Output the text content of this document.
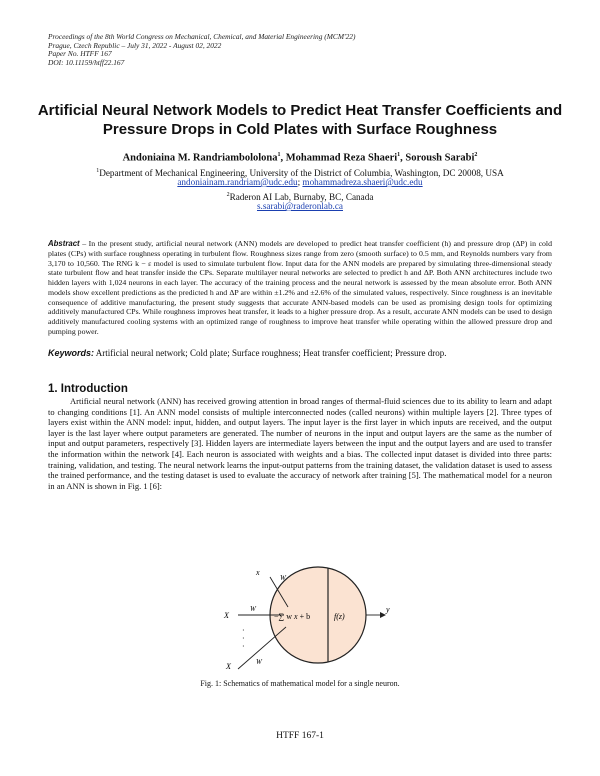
Proceedings of the 8th World Congress on Mechanical, Chemical, and Material Engineering (MCM'22)
Prague, Czech Republic – July 31, 2022 - August 02, 2022
Paper No. HTFF 167
DOI: 10.11159/htff22.167
Artificial Neural Network Models to Predict Heat Transfer Coefficients and Pressure Drops in Cold Plates with Surface Roughness
Andoniaina M. Randriambololona$^1$, Mohammad Reza Shaeri$^1$, Soroush Sarabi$^2$
$^1$Department of Mechanical Engineering, University of the District of Columbia, Washington, DC 20008, USA
andoniainam.randriam@udc.edu; mohammadreza.shaeri@udc.edu
$^2$Raderon AI Lab, Burnaby, BC, Canada
s.sarabi@raderonlab.ca
Abstract – In the present study, artificial neural network (ANN) models are developed to predict heat transfer coefficient (h) and pressure drop (ΔP) in cold plates (CPs) with surface roughness operating in turbulent flow. Roughness sizes range from zero (smooth surface) to 0.5 mm, and Reynolds numbers vary from 3,170 to 10,560. The RNG k − ε model is used to simulate turbulent flow. Input data for the ANN models are prepared by simulating three-dimensional steady state turbulent flow and heat transfer inside the CPs. Separate multilayer neural networks are selected to predict h and ΔP. Both ANN architectures include two hidden layers with 1,024 neurons in each layer. The accuracy of the training process and the neural network is assessed by the mean absolute error. Both ANN models show excellent predictions as the predicted h and ΔP are within ±1.2% and ±2.6% of the simulated values, respectively. Since roughness is an inevitable consequence of additive manufacturing, the present study suggests that accurate ANN-based models can be used as promising design tools for optimizing additively manufactured CPs. While roughness improves heat transfer, it leads to a higher pressure drop. As a result, accurate ANN models can be used to design additively manufactured cooling systems with an optimized range of roughness to improve heat transfer while operating within the allowed pressure drop and pumping power.
Keywords: Artificial neural network; Cold plate; Surface roughness; Heat transfer coefficient; Pressure drop.
1. Introduction
Artificial neural network (ANN) has received growing attention in broad ranges of thermal-fluid sciences due to its ability to learn and adapt to changing conditions [1]. An ANN model consists of multiple interconnected nodes (called neurons) within multiple layers [2]. Three types of layers exist within the ANN model: input, hidden, and output layers. The input layer is the first layer in which inputs are received, and the output layer is the last layer where output parameters are generated. The number of neurons in the input and output layers are the same as the number of input and output parameters, respectively [3]. Hidden layers are intermediate layers between the input and the output layers and are used to transfer the information within the network [4]. Each neuron is associated with weights and a bias. The collected input dataset is divided into three parts: training, validation, and testing. The neural network learns the input-output patterns from the training dataset, the validation dataset is used to assess the trained performance, and the testing dataset is used to evaluate the accuracy of network after training [5]. The mathematical model for a neuron in an ANN is shown in Fig. 1 [6]:
x
W
X
W
X	W
·
·
·
−∑ w x + b	f(z)
y
Fig. 1: Schematics of mathematical model for a single neuron.
HTFF 167-1
